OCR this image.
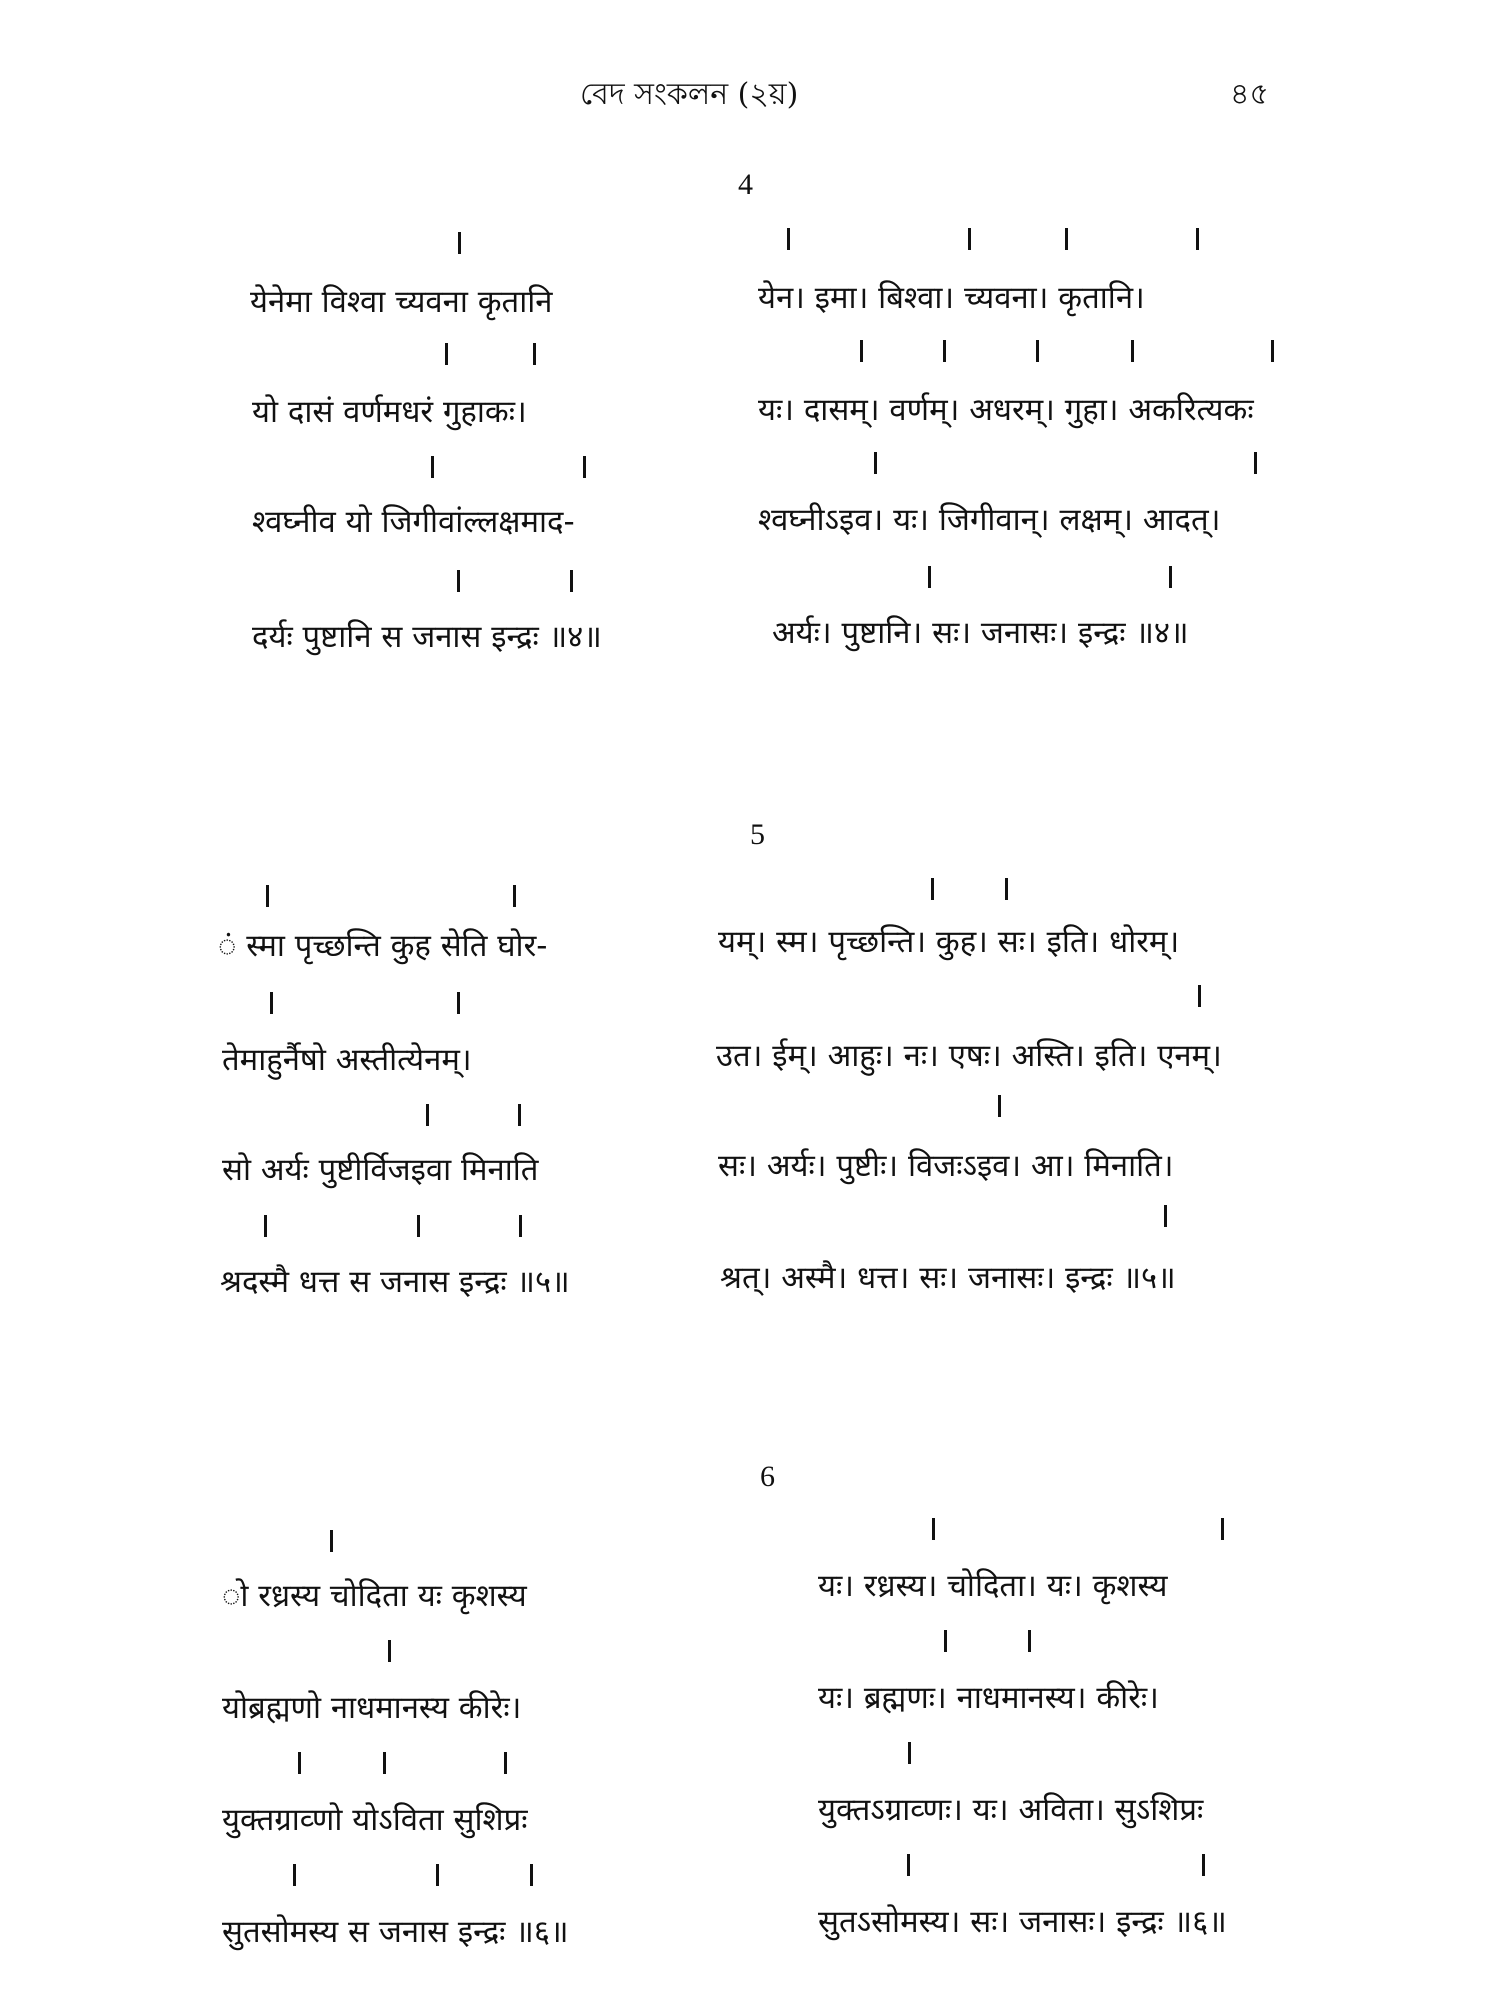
বেদ সংকলন (২য়)	৪৫
4
येनेमा विश्वा च्यवना कृतानि	येन। इमा। बिश्वा। च्यवना। कृतानि।
यो दासं वर्णमधरं गुहाकः।	यः। दासम्। वर्णम्। अधरम्। गुहा। अकरित्यकः
श्वघ्नीव यो जिगीवांल्लक्षमाद-	श्वघ्नीऽइव। यः। जिगीवान्। लक्षम्। आदत्।
दर्यः पुष्टानि स जनास इन्द्रः ॥४॥	अर्यः। पुष्टानि। सः। जनासः। इन्द्रः ॥४॥
5
ं स्मा पृच्छन्ति कुह सेति घोर-	यम्। स्म। पृच्छन्ति। कुह। सः। इति। धोरम्।
तेमाहुर्नैषो अस्तीत्येनम्।	उत। ईम्। आहुः। नः। एषः। अस्ति। इति। एनम्।
सो अर्यः पुष्टीर्विजइवा मिनाति	सः। अर्यः। पुष्टीः। विजःऽइव। आ। मिनाति।
श्रदस्मै धत्त स जनास इन्द्रः ॥५॥	श्रत्। अस्मै। धत्त। सः। जनासः। इन्द्रः ॥५॥
6
ो रध्रस्य चोदिता यः कृशस्य	यः। रध्रस्य। चोदिता। यः। कृशस्य
योब्रह्मणो नाधमानस्य कीरेः।	यः। ब्रह्मणः। नाधमानस्य। कीरेः।
युक्तग्राव्णो योऽविता सुशिप्रः	युक्तऽग्राव्णः। यः। अविता। सुऽशिप्रः
सुतसोमस्य स जनास इन्द्रः ॥६॥	सुतऽसोमस्य। सः। जनासः। इन्द्रः ॥६॥
